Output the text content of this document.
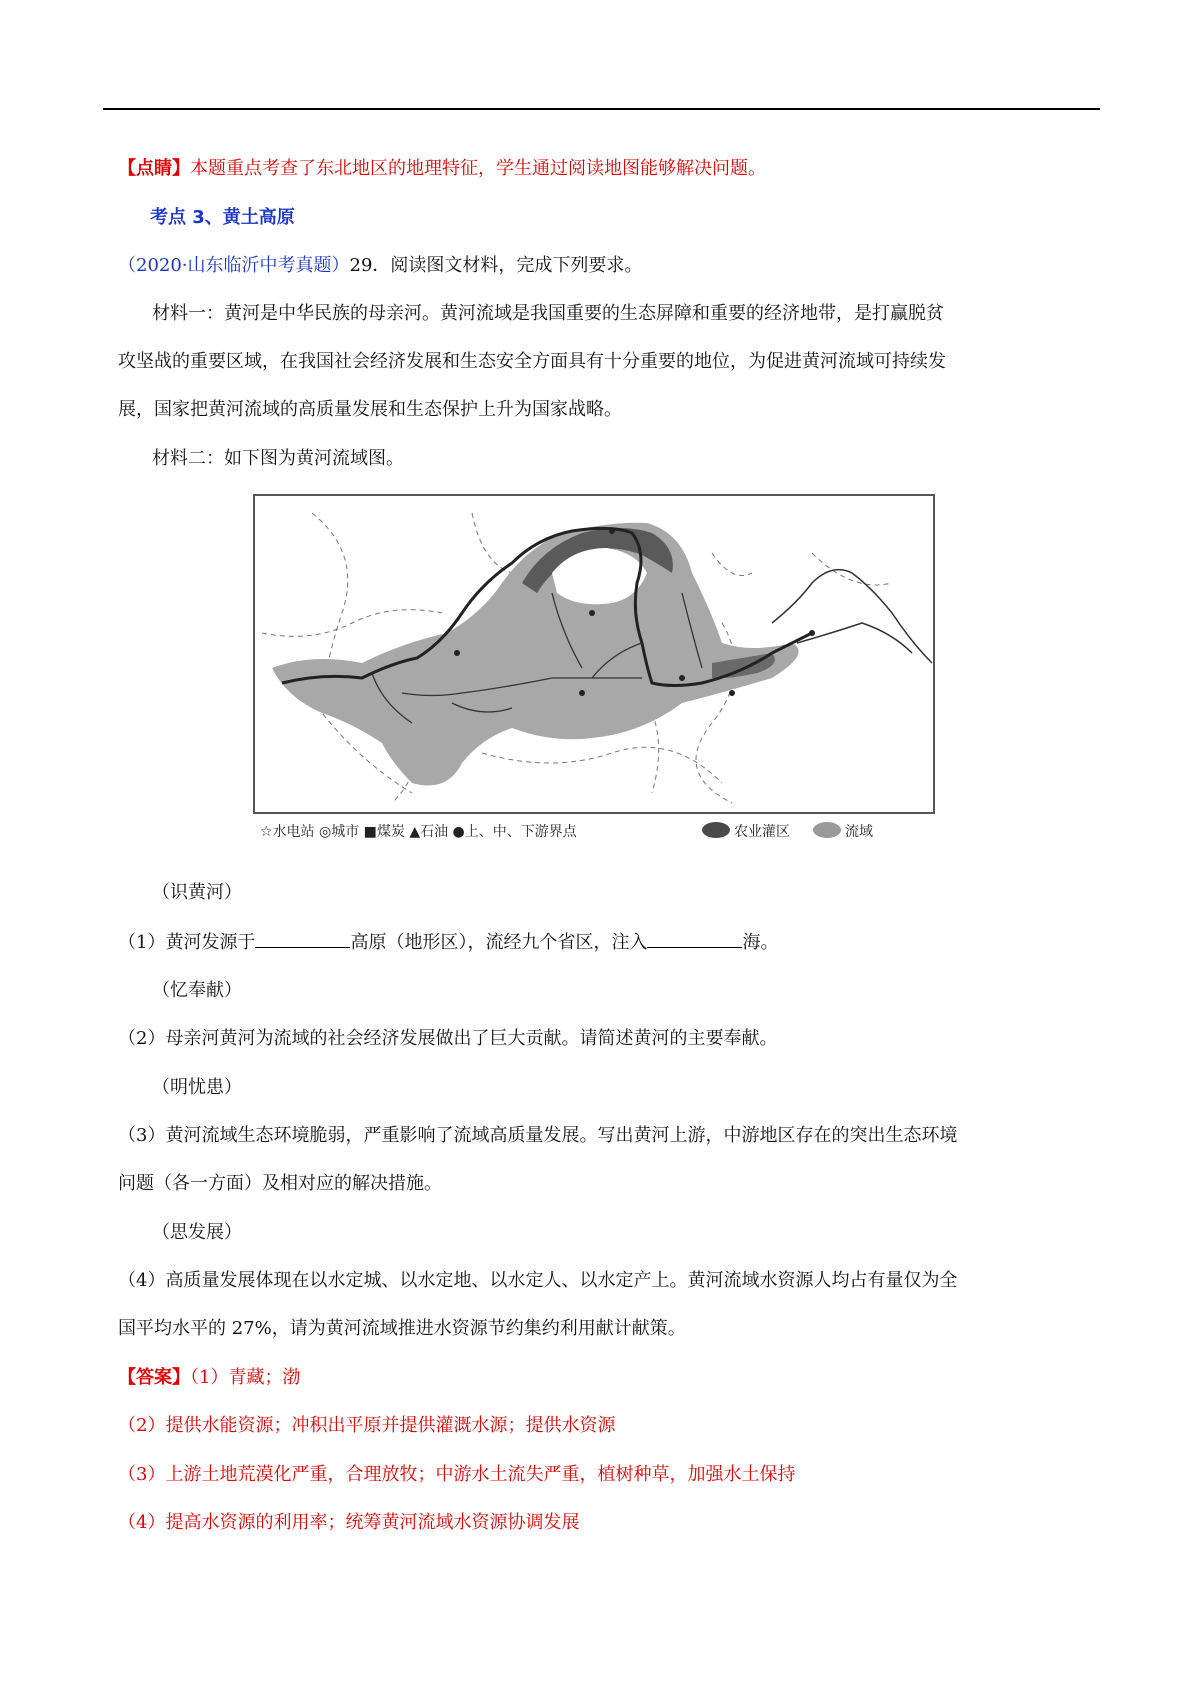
【点睛】本题重点考查了东北地区的地理特征，学生通过阅读地图能够解决问题。
考点 3、黄土高原
（2020·山东临沂中考真题）29．阅读图文材料，完成下列要求。
材料一：黄河是中华民族的母亲河。黄河流域是我国重要的生态屏障和重要的经济地带，是打赢脱贫
攻坚战的重要区域，在我国社会经济发展和生态安全方面具有十分重要的地位，为促进黄河流域可持续发
展，国家把黄河流域的高质量发展和生态保护上升为国家战略。
材料二：如下图为黄河流域图。
☆水电站 ◎城市 ■煤炭 ▲石油 ●上、中、下游界点	农业灌区	流域
（识黄河）
（1）黄河发源于	高原（地形区），流经九个省区，注入	海。
（忆奉献）
（2）母亲河黄河为流域的社会经济发展做出了巨大贡献。请简述黄河的主要奉献。
（明忧患）
（3）黄河流域生态环境脆弱，严重影响了流域高质量发展。写出黄河上游，中游地区存在的突出生态环境
问题（各一方面）及相对应的解决措施。
（思发展）
（4）高质量发展体现在以水定城、以水定地、以水定人、以水定产上。黄河流域水资源人均占有量仅为全
国平均水平的 27%，请为黄河流域推进水资源节约集约利用献计献策。
【答案】（1）青藏；渤
（2）提供水能资源；冲积出平原并提供灌溉水源；提供水资源
（3）上游土地荒漠化严重，合理放牧；中游水土流失严重，植树种草，加强水土保持
（4）提高水资源的利用率；统筹黄河流域水资源协调发展
